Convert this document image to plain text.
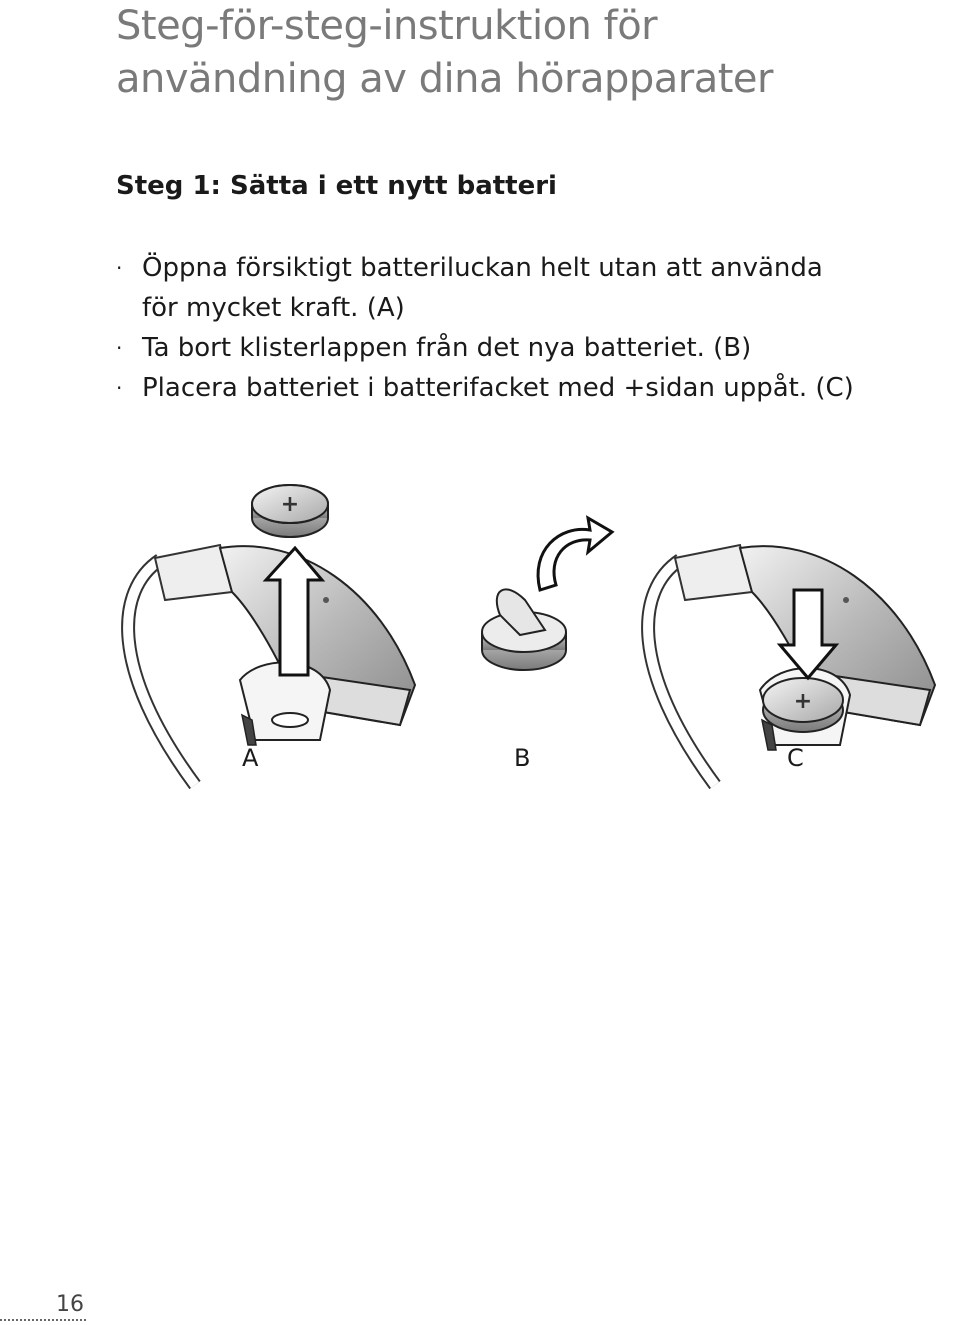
Steg-för-steg-instruktion för
användning av dina hörapparater
Steg 1: Sätta i ett nytt batteri
· Öppna försiktigt batteriluckan helt utan att använda
för mycket kraft. (A)
· Ta bort klisterlappen från det nya batteriet. (B)
· Placera batteriet i batterifacket med +sidan uppåt. (C)
+
+
A	B	C
16
